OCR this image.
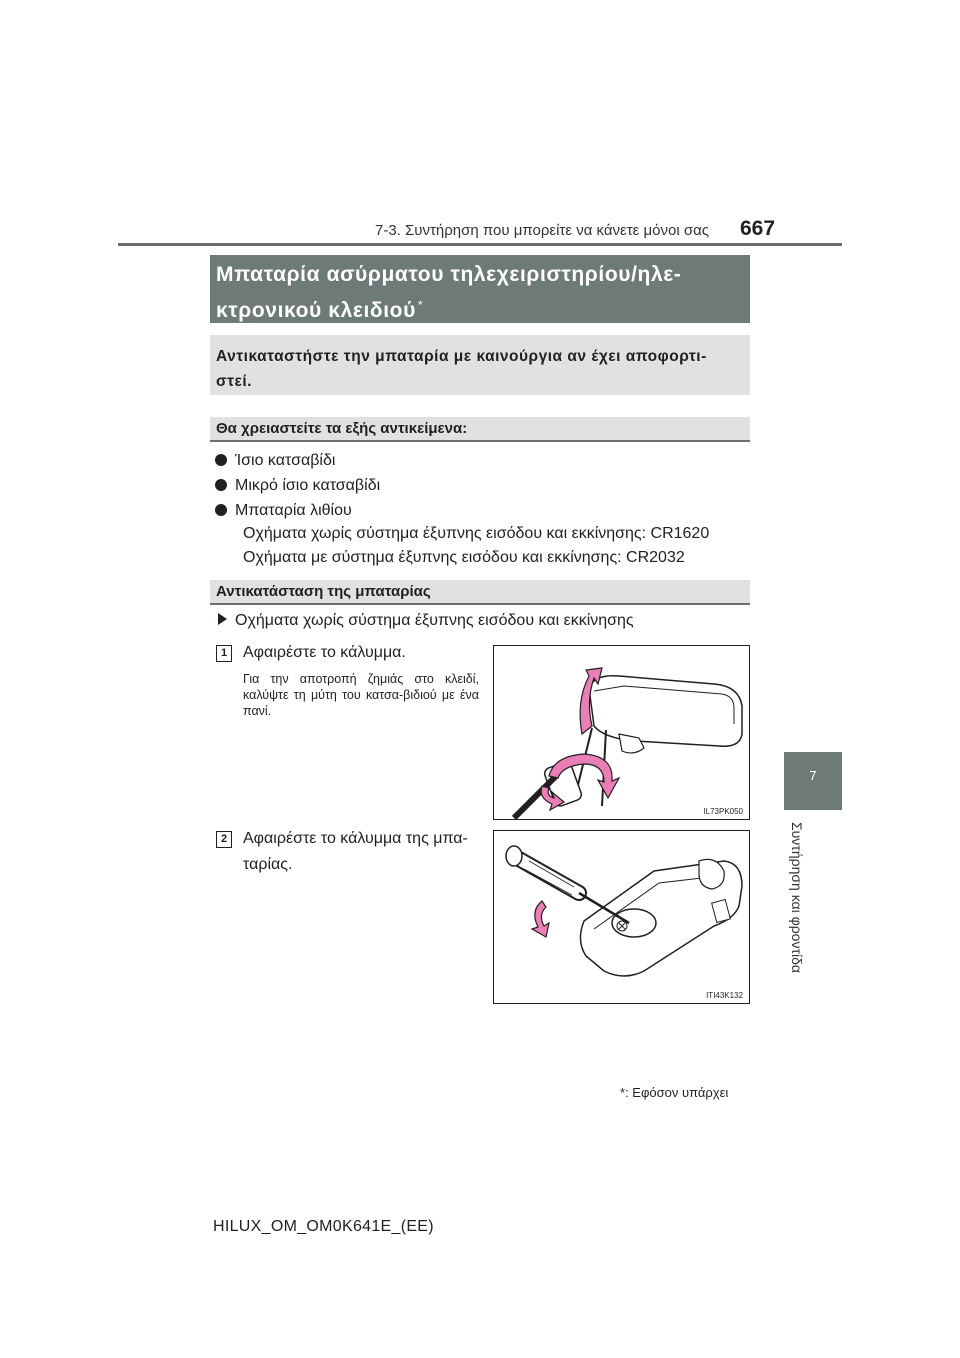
7-3. Συντήρηση που μπορείτε να κάνετε μόνοι σας 667
7
Συντήρηση και φροντίδα
Μπαταρία ασύρματου τηλεχειριστηρίου/ηλε-
κτρονικού κλειδιού *
Αντικαταστήστε την μπαταρία με καινούργια αν έχει αποφορτι-
στεί.
Θα χρειαστείτε τα εξής αντικείμενα:
Ίσιο κατσαβίδι
Μικρό ίσιο κατσαβίδι
Μπαταρία λιθίου
Οχήματα χωρίς σύστημα έξυπνης εισόδου και εκκίνησης: CR1620
Οχήματα με σύστημα έξυπνης εισόδου και εκκίνησης: CR2032
Αντικατάσταση της μπαταρίας
Οχήματα χωρίς σύστημα έξυπνης εισόδου και εκκίνησης
1 Αφαιρέστε το κάλυμμα.
Για την αποτροπή ζημιάς στο κλειδί, καλύψτε τη μύτη του κατσα-βιδιού με ένα πανί.
IL73PK050
2 Αφαιρέστε το κάλυμμα της μπα-
ταρίας.
ITI43K132
*: Εφόσον υπάρχει
HILUX_OM_OM0K641E_(EE)
